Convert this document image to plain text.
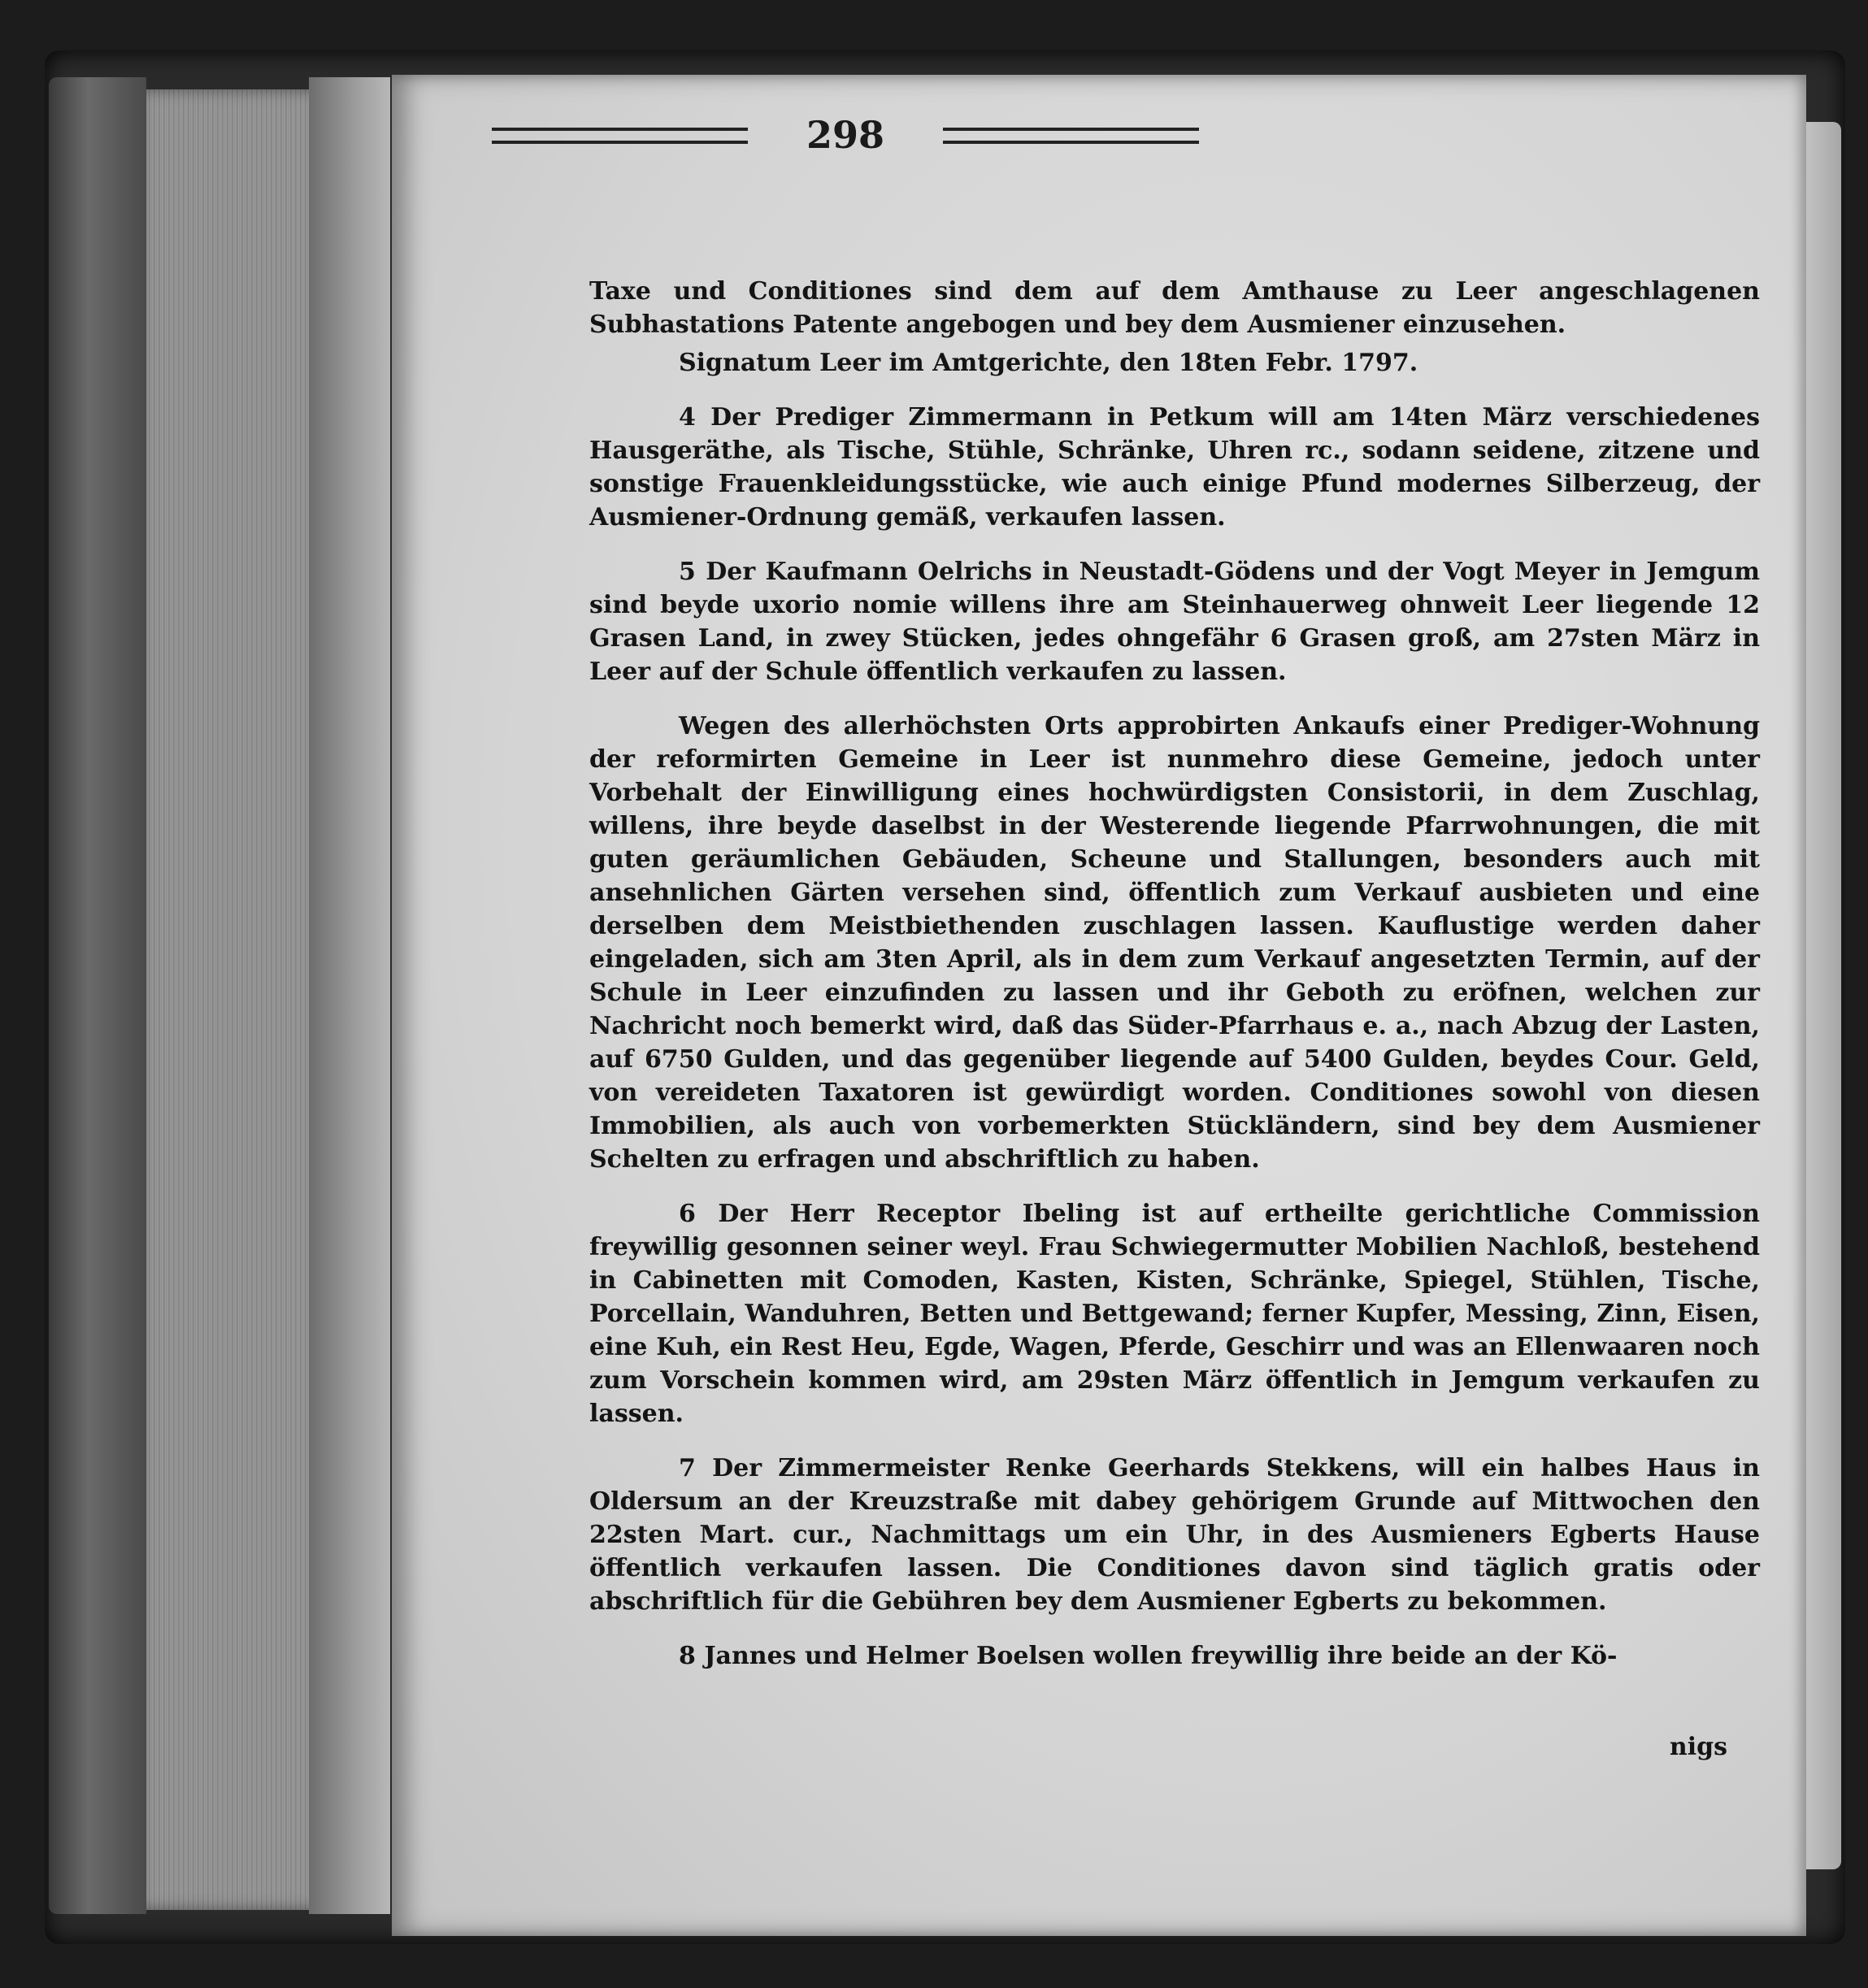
298

Taxe und Conditiones sind dem auf dem Amthause zu Leer angeschlagenen Subhastations Patente angebogen und bey dem Ausmiener einzusehen.

Signatum Leer im Amtgerichte, den 18ten Febr. 1797.

4 Der Prediger Zimmermann in Petkum will am 14ten März verschiedenes Hausgeräthe, als Tische, Stühle, Schränke, Uhren rc., sodann seidene, zitzene und sonstige Frauenkleidungsstücke, wie auch einige Pfund modernes Silberzeug, der Ausmiener-Ordnung gemäß, verkaufen lassen.

5 Der Kaufmann Oelrichs in Neustadt-Gödens und der Vogt Meyer in Jemgum sind beyde uxorio nomie willens ihre am Steinhauerweg ohnweit Leer liegende 12 Grasen Land, in zwey Stücken, jedes ohngefähr 6 Grasen groß, am 27sten März in Leer auf der Schule öffentlich verkaufen zu lassen.

Wegen des allerhöchsten Orts approbirten Ankaufs einer Prediger-Wohnung der reformirten Gemeine in Leer ist nunmehro diese Gemeine, jedoch unter Vorbehalt der Einwilligung eines hochwürdigsten Consistorii, in dem Zuschlag, willens, ihre beyde daselbst in der Westerende liegende Pfarrwohnungen, die mit guten geräumlichen Gebäuden, Scheune und Stallungen, besonders auch mit ansehnlichen Gärten versehen sind, öffentlich zum Verkauf ausbieten und eine derselben dem Meistbiethenden zuschlagen lassen. Kauflustige werden daher eingeladen, sich am 3ten April, als in dem zum Verkauf angesetzten Termin, auf der Schule in Leer einzufinden zu lassen und ihr Geboth zu eröfnen, welchen zur Nachricht noch bemerkt wird, daß das Süder-Pfarrhaus e. a., nach Abzug der Lasten, auf 6750 Gulden, und das gegenüber liegende auf 5400 Gulden, beydes Cour. Geld, von vereideten Taxatoren ist gewürdigt worden. Conditiones sowohl von diesen Immobilien, als auch von vorbemerkten Stückländern, sind bey dem Ausmiener Schelten zu erfragen und abschriftlich zu haben.

6 Der Herr Receptor Ibeling ist auf ertheilte gerichtliche Commission freywillig gesonnen seiner weyl. Frau Schwiegermutter Mobilien Nachloß, bestehend in Cabinetten mit Comoden, Kasten, Kisten, Schränke, Spiegel, Stühlen, Tische, Porcellain, Wanduhren, Betten und Bettgewand; ferner Kupfer, Messing, Zinn, Eisen, eine Kuh, ein Rest Heu, Egde, Wagen, Pferde, Geschirr und was an Ellenwaaren noch zum Vorschein kommen wird, am 29sten März öffentlich in Jemgum verkaufen zu lassen.

7 Der Zimmermeister Renke Geerhards Stekkens, will ein halbes Haus in Oldersum an der Kreuzstraße mit dabey gehörigem Grunde auf Mittwochen den 22sten Mart. cur., Nachmittags um ein Uhr, in des Ausmieners Egberts Hause öffentlich verkaufen lassen. Die Conditiones davon sind täglich gratis oder abschriftlich für die Gebühren bey dem Ausmiener Egberts zu bekommen.

8 Jannes und Helmer Boelsen wollen freywillig ihre beide an der Kö-

nigs
